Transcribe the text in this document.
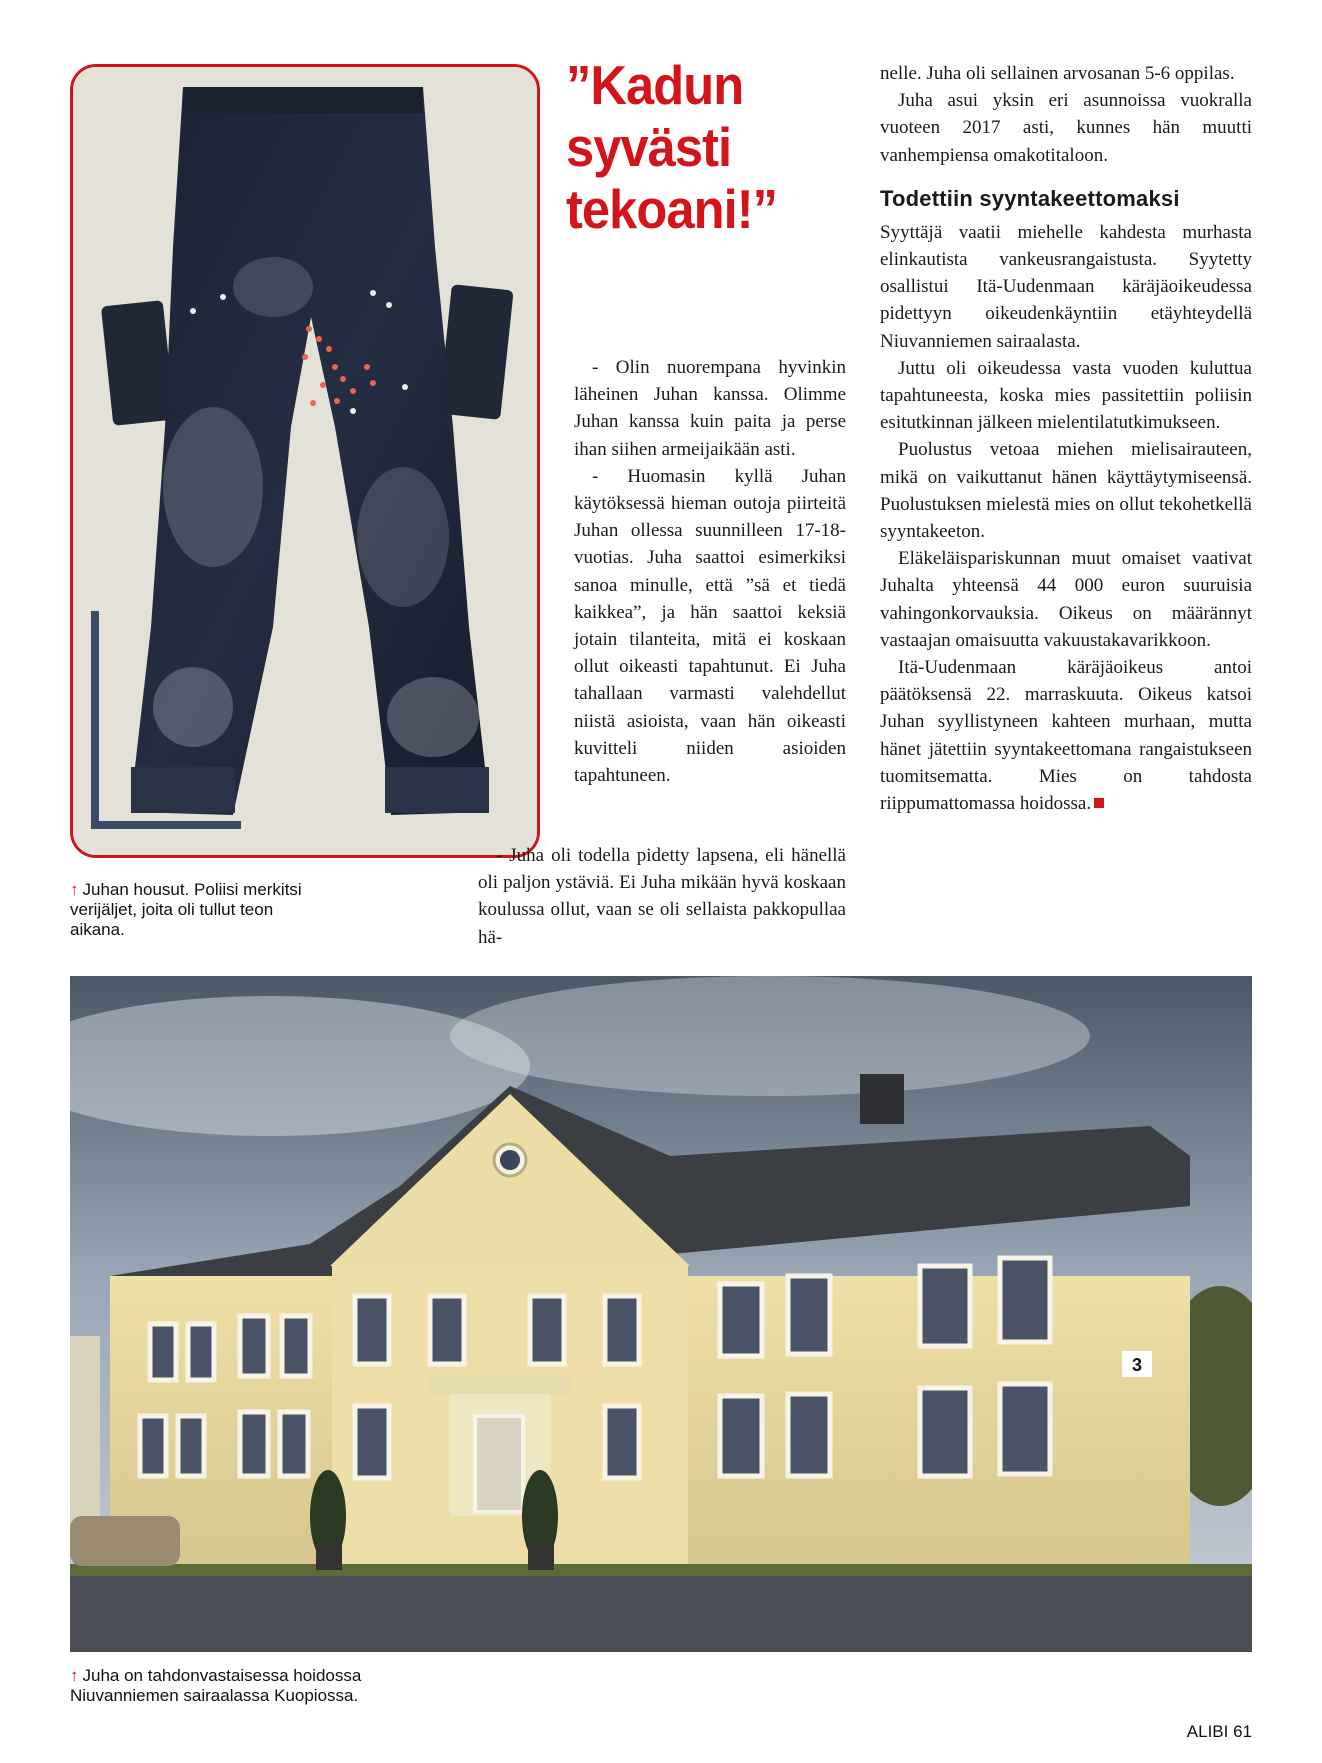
↑ Juhan housut. Poliisi merkitsi verijäljet, joita oli tullut teon aikana.
”Kadun
syvästi
tekoani!”

- Olin nuorempana hyvinkin läheinen Juhan kanssa. Olimme Juhan kanssa kuin paita ja perse ihan siihen armeijaikään asti.

- Huomasin kyllä Juhan käytöksessä hieman outoja piirteitä Juhan ollessa suunnilleen 17-18-vuotias. Juha saattoi esimerkiksi sanoa minulle, että ”sä et tiedä kaikkea”, ja hän saattoi keksiä jotain tilanteita, mitä ei koskaan ollut oikeasti tapahtunut. Ei Juha tahallaan varmasti valehdellut niistä asioista, vaan hän oikeasti kuvitteli niiden asioiden tapahtuneen.

- Juha oli todella pidetty lapsena, eli hänellä oli paljon ystäviä. Ei Juha mikään hyvä koskaan koulussa ollut, vaan se oli sellaista pakkopullaa hä-

nelle. Juha oli sellainen arvosanan 5-6 oppilas.

Juha asui yksin eri asunnoissa vuokralla vuoteen 2017 asti, kunnes hän muutti vanhempiensa omakotitaloon.

Todettiin syyntakeettomaksi

Syyttäjä vaatii miehelle kahdesta murhasta elinkautista vankeusrangaistusta. Syytetty osallistui Itä-Uudenmaan käräjäoikeudessa pidettyyn oikeudenkäyntiin etäyhteydellä Niuvanniemen sairaalasta.

Juttu oli oikeudessa vasta vuoden kuluttua tapahtuneesta, koska mies passitettiin poliisin esitutkinnan jälkeen mielentilatutkimukseen.

Puolustus vetoaa miehen mielisairauteen, mikä on vaikuttanut hänen käyttäytymiseensä. Puolustuksen mielestä mies on ollut tekohetkellä syyntakeeton.

Eläkeläispariskunnan muut omaiset vaativat Juhalta yhteensä 44 000 euron suuruisia vahingonkorvauksia. Oikeus on määrännyt vastaajan omaisuutta vakuustakavarikkoon.

Itä-Uudenmaan käräjäoikeus antoi päätöksensä 22. marraskuuta. Oikeus katsoi Juhan syyllistyneen kahteen murhaan, mutta hänet jätettiin syyntakeettomana rangaistukseen tuomitsematta. Mies on tahdosta riippumattomassa hoidossa.

3
↑ Juha on tahdonvastaisessa hoidossa Niuvanniemen sairaalassa Kuopiossa.
ALIBI 61
